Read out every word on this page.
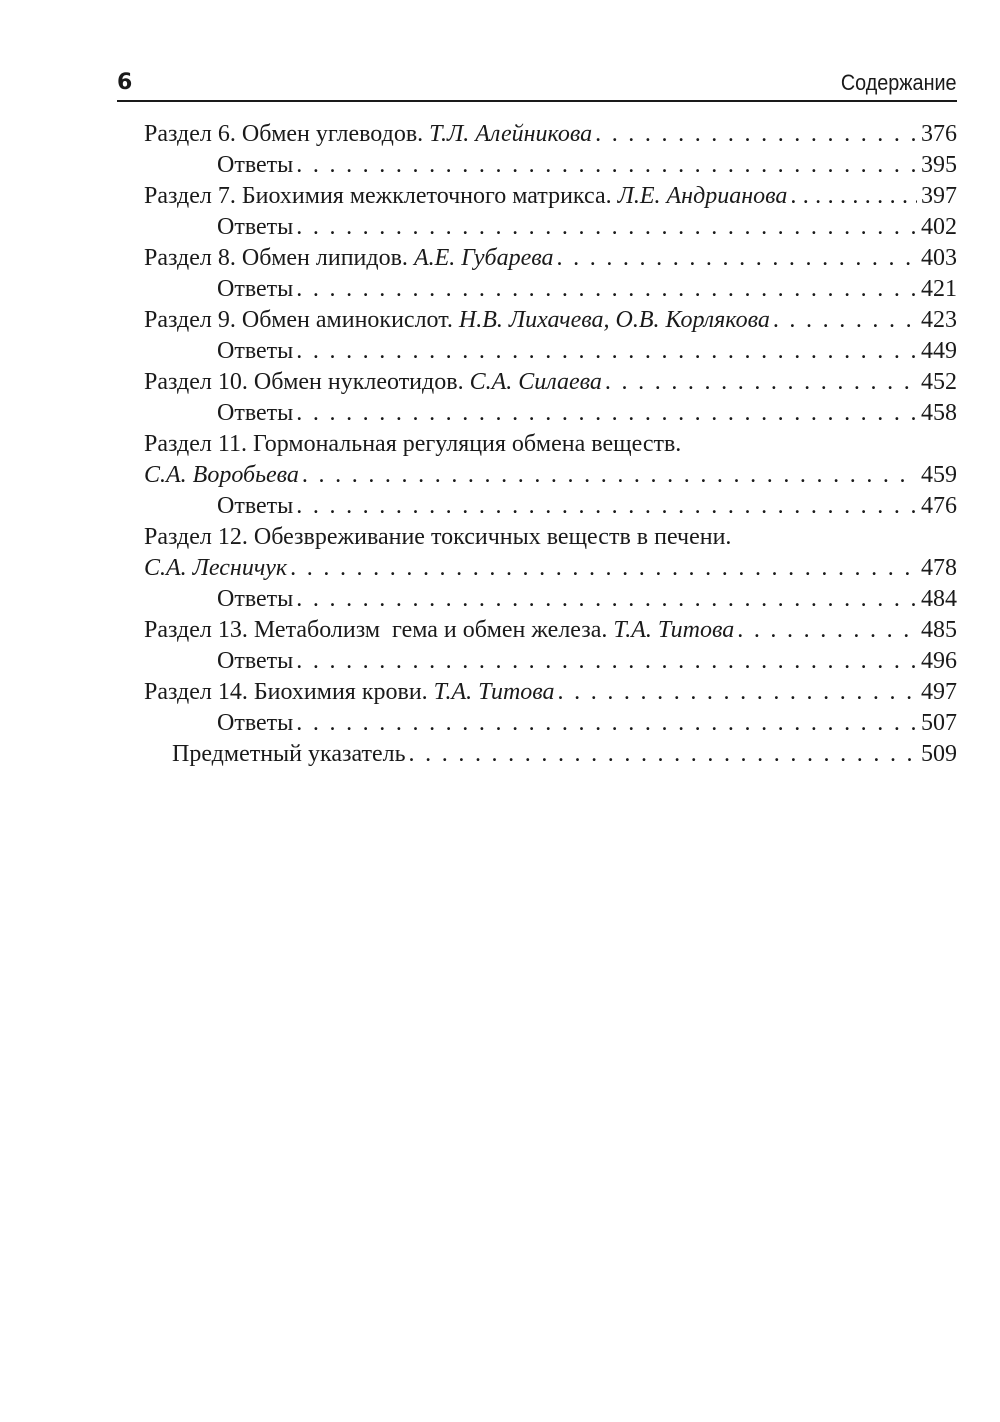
6	Содержание
Раздел 6. Обмен углеводов. Т.Л. Алейникова . . .	376
Ответы . . .	395
Раздел 7. Биохимия межклеточного матрикса. Л.Е. Андрианова . . .	397
Ответы . . .	402
Раздел 8. Обмен липидов. А.Е. Губарева . . .	403
Ответы . . .	421
Раздел 9. Обмен аминокислот. Н.В. Лихачева, О.В. Корлякова . . .	423
Ответы . . .	449
Раздел 10. Обмен нуклеотидов. С.А. Силаева . . .	452
Ответы . . .	458
Раздел 11. Гормональная регуляция обмена веществ.
С.А. Воробьева . . .	459
Ответы . . .	476
Раздел 12. Обезвреживание токсичных веществ в печени.
С.А. Лесничук . . .	478
Ответы . . .	484
Раздел 13. Метаболизм  гема и обмен железа. Т.А. Титова . . .	485
Ответы . . .	496
Раздел 14. Биохимия крови. Т.А. Титова . . .	497
Ответы . . .	507
Предметный указатель . . .	509
